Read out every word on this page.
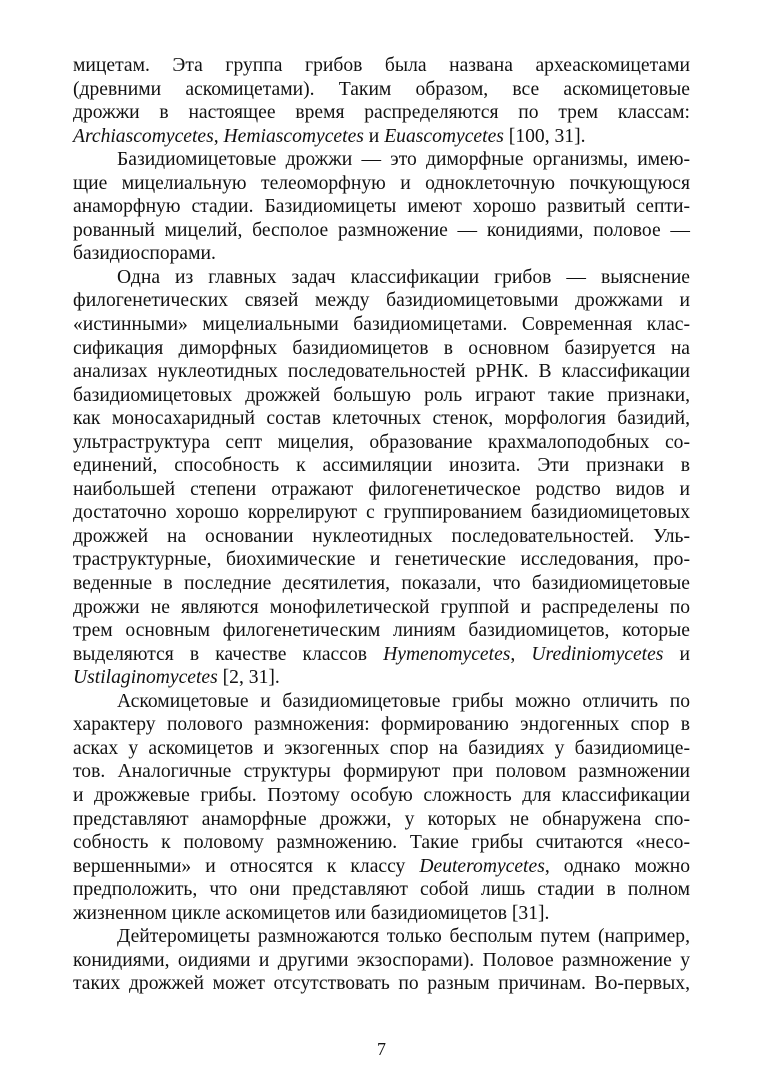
мицетам. Эта группа грибов была названа археаскомицетами
(древними аскомицетами). Таким образом, все аскомицетовые
дрожжи в настоящее время распределяются по трем классам:
Archiascomycetes, Hemiascomycetes и Euascomycetes [100, 31].
Базидиомицетовые дрожжи — это диморфные организмы, имею-
щие мицелиальную телеоморфную и одноклеточную почкующуюся
анаморфную стадии. Базидиомицеты имеют хорошо развитый септи-
рованный мицелий, бесполое размножение — конидиями, половое —
базидиоспорами.
Одна из главных задач классификации грибов — выяснение
филогенетических связей между базидиомицетовыми дрожжами и
«истинными» мицелиальными базидиомицетами. Современная клас-
сификация диморфных базидиомицетов в основном базируется на
анализах нуклеотидных последовательностей рРНК. В классификации
базидиомицетовых дрожжей большую роль играют такие признаки,
как моносахаридный состав клеточных стенок, морфология базидий,
ультраструктура септ мицелия, образование крахмалоподобных со-
единений, способность к ассимиляции инозита. Эти признаки в
наибольшей степени отражают филогенетическое родство видов и
достаточно хорошо коррелируют с группированием базидиомицетовых
дрожжей на основании нуклеотидных последовательностей. Уль-
траструктурные, биохимические и генетические исследования, про-
веденные в последние десятилетия, показали, что базидиомицетовые
дрожжи не являются монофилетической группой и распределены по
трем основным филогенетическим линиям базидиомицетов, которые
выделяются в качестве классов Hymenomycetes, Urediniomycetes и
Ustilaginomycetes [2, 31].
Аскомицетовые и базидиомицетовые грибы можно отличить по
характеру полового размножения: формированию эндогенных спор в
асках у аскомицетов и экзогенных спор на базидиях у базидиомице-
тов. Аналогичные структуры формируют при половом размножении
и дрожжевые грибы. Поэтому особую сложность для классификации
представляют анаморфные дрожжи, у которых не обнаружена спо-
собность к половому размножению. Такие грибы считаются «несо-
вершенными» и относятся к классу Deuteromycetes, однако можно
предположить, что они представляют собой лишь стадии в полном
жизненном цикле аскомицетов или базидиомицетов [31].
Дейтеромицеты размножаются только бесполым путем (например,
конидиями, оидиями и другими экзоспорами). Половое размножение у
таких дрожжей может отсутствовать по разным причинам. Во-первых,
7
